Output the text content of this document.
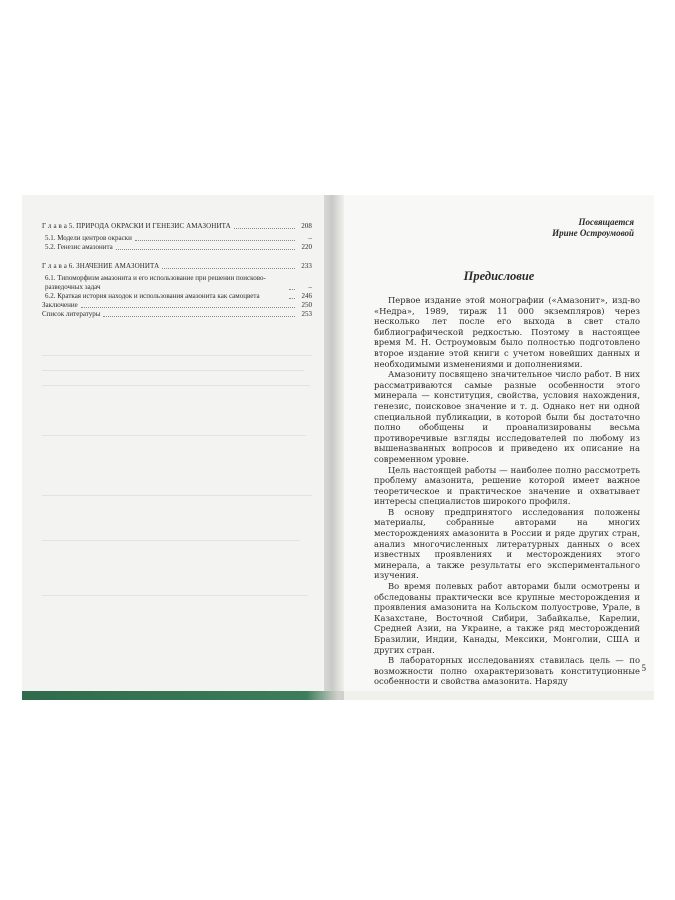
Г л а в а 5. ПРИРОДА ОКРАСКИ И ГЕНЕЗИС АМАЗОНИТА	208
5.1. Модели центров окраски	–
5.2. Генезис амазонита	220
Г л а в а 6. ЗНАЧЕНИЕ АМАЗОНИТА	233
6.1. Типоморфизм амазонита и его использование при решении поисково-разведочных задач	–
6.2. Краткая история находок и использования амазонита как самоцвета	246
Заключение	250
Список литературы	253
Посвящается
Ирине Остроумовой
Предисловие

Первое издание этой монографии («Амазонит», изд-во «Недра», 1989, тираж 11 000 экземпляров) через несколько лет после его выхода в свет стало библиографической редкостью. Поэтому в настоящее время М. Н. Остроумовым было полностью подготовлено второе издание этой книги с учетом новейших данных и необходимыми изменениями и дополнениями.

Амазониту посвящено значительное число работ. В них рассматриваются самые разные особенности этого минерала — конституция, свойства, условия нахождения, генезис, поисковое значение и т. д. Однако нет ни одной специальной публикации, в которой были бы достаточно полно обобщены и проанализированы весьма противоречивые взгляды исследователей по любому из вышеназванных вопросов и приведено их описание на современном уровне.

Цель настоящей работы — наиболее полно рассмотреть проблему амазонита, решение которой имеет важное теоретическое и практическое значение и охватывает интересы специалистов широкого профиля.

В основу предпринятого исследования положены материалы, собранные авторами на многих месторождениях амазонита в России и ряде других стран, анализ многочисленных литературных данных о всех известных проявлениях и месторождениях этого минерала, а также результаты его экспериментального изучения.

Во время полевых работ авторами были осмотрены и обследованы практически все крупные месторождения и проявления амазонита на Кольском полуострове, Урале, в Казахстане, Восточной Сибири, Забайкалье, Карелии, Средней Азии, на Украине, а также ряд месторождений Бразилии, Индии, Канады, Мексики, Монголии, США и других стран.

В лабораторных исследованиях ставилась цель — по возможности полно охарактеризовать конституционные особенности и свойства амазонита. Наряду

5
